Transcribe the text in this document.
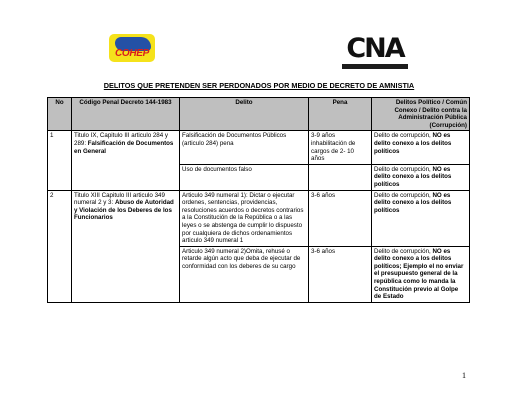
COHEP	CNA
DELITOS QUE PRETENDEN SER PERDONADOS POR MEDIO DE DECRETO DE AMNISTIA
No	Código Penal Decreto 144-1983	Delito	Pena	Delitos Político / Común Conexo / Delito contra la Administración Pública (Corrupción)
1	Titulo IX, Capitulo III articulo 284 y 289: Falsificación de Documentos en General	Falsificación de Documentos Públicos (articulo 284) pena	3-9 años inhabilitación de cargos de 2- 10 años	Delito de corrupción, NO es delito conexo a los delitos políticos
		Uso de documentos falso		Delito de corrupción, NO es delito conexo a los delitos políticos
2	Titulo XIII Capitulo III articulo 349 numeral 2 y 3: Abuso de Autoridad y Violación de los Deberes de los Funcionarios	Articulo 349 numeral 1): Dictar o ejecutar ordenes, sentencias, providencias, resoluciones acuerdos o decretos contrarios a la Constitución de la República o a las leyes o se abstenga de cumplir lo dispuesto por cualquiera de dichos ordenamientos articulo 349 numeral 1	3-6 años	Delito de corrupción, NO es delito conexo a los delitos políticos
		Articulo 349 numeral 2)Omita, rehusé o retarde algún acto que deba de ejecutar de conformidad con los deberes de su cargo	3-6 años	Delito de corrupción, NO es delito conexo a los delitos políticos; Ejemplo el no enviar el presupuesto general de la república como lo manda la Constitución previo al Golpe de Estado
1
